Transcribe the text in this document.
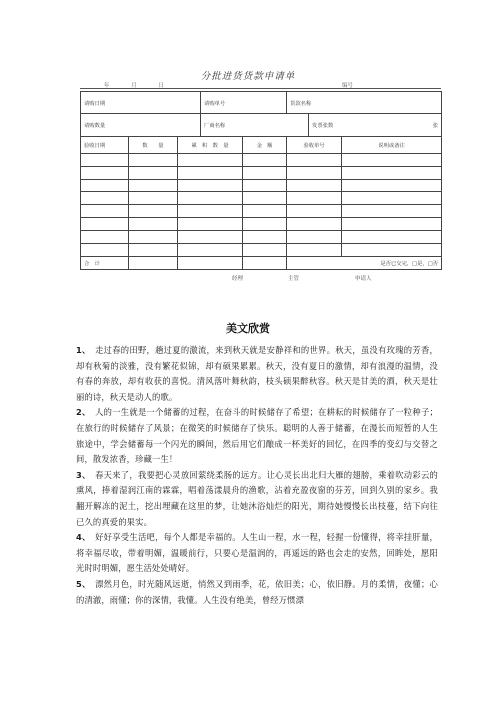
分批进货货款申请单
年	月	日	编号
请购日期			请购单号		货款名称		
请购数量			厂商名称			发票张数 张	

验收日期	数　　量	累　积　数　量		金　额	验收单号		说明或备注

合　计					是否已交完，□是，□否		
经理	主管	申请人
美文欣赏

1、　 走过春的田野，趟过夏的激流，来到秋天就是安静祥和的世界。秋天，虽没有玫瑰的芳香，却有秋菊的淡雅，没有繁花似锦，却有硕果累累。秋天，没有夏日的激情，却有浪漫的温情，没有春的奔放，却有收获的喜悦。清风落叶舞秋韵，枝头硕果醉秋容。秋天是甘美的酒，秋天是壮丽的诗，秋天是动人的歌。

2、　 人的一生就是一个储蓄的过程，在奋斗的时候储存了希望；在耕耘的时候储存了一粒种子；在旅行的时候储存了风景；在微笑的时候储存了快乐。聪明的人善于储蓄，在漫长而短暂的人生旅途中，学会储蓄每一个闪光的瞬间，然后用它们酿成一杯美好的回忆，在四季的变幻与交替之间，散发浓香，珍藏一生！

3、　 春天来了，我要把心灵放回萦绕柔肠的远方。让心灵长出北归大雁的翅膀，乘着吹动彩云的熏风，捧着湿润江南的霖霖，唱着荡漾晨舟的渔歌，沾着充盈夜窗的芬芳，回到久别的家乡。我翻开解冻的泥土，挖出埋藏在这里的梦，让她沐浴灿烂的阳光，期待她慢慢长出枝蔓，结下向往已久的真爱的果实。

4、　 好好享受生活吧，每个人都是幸福的。人生山一程，水一程，轻握一份懂得，将幸挂肝量，将幸福尽收，带着明媚，温暖前行，只要心是温润的，再遥远的路也会走的安然，回眸处，愿阳光时时明媚，愿生活处处晴好。

5、　 漂然月色，时光随风远逝，悄然又到雨季，花，依旧美；心，依旧静。月的柔情，夜懂；心的清澈，雨懂；你的深情，我懂。人生没有绝美，曾经万惯漂
